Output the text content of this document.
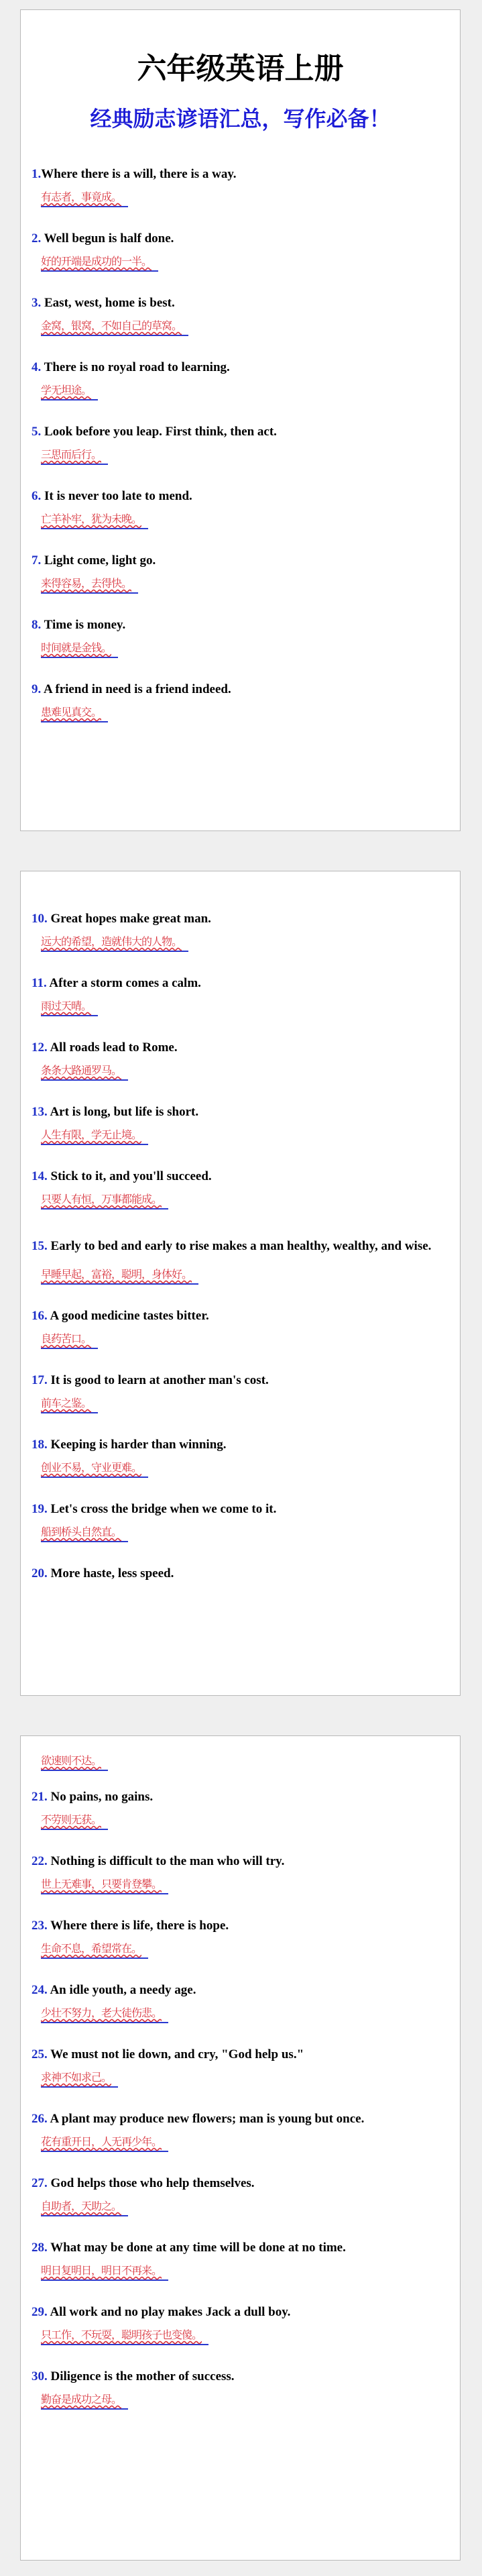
六年级英语上册
经典励志谚语汇总，写作必备！

1.Where there is a will, there is a way.

有志者，事竟成。

2. Well begun is half done.

好的开端是成功的一半。

3. East, west, home is best.

金窝，银窝，不如自己的草窝。

4. There is no royal road to learning.

学无坦途。

5. Look before you leap. First think, then act.

三思而后行。

6. It is never too late to mend.

亡羊补牢，犹为未晚。

7. Light come, light go.

来得容易，去得快。

8. Time is money.

时间就是金钱。

9. A friend in need is a friend indeed.

患难见真交。

10. Great hopes make great man.

远大的希望，造就伟大的人物。

11. After a storm comes a calm.

雨过天晴。

12. All roads lead to Rome.

条条大路通罗马。

13. Art is long, but life is short.

人生有限，学无止境。

14. Stick to it, and you'll succeed.

只要人有恒，万事都能成。

15. Early to bed and early to rise makes a man healthy, wealthy, and wise.

早睡早起，富裕，聪明，身体好。

16. A good medicine tastes bitter.

良药苦口。

17. It is good to learn at another man's cost.

前车之鉴。

18. Keeping is harder than winning.

创业不易，守业更难。

19. Let's cross the bridge when we come to it.

船到桥头自然直。

20. More haste, less speed.

欲速则不达。

21. No pains, no gains.

不劳则无获。

22. Nothing is difficult to the man who will try.

世上无难事，只要肯登攀。

23. Where there is life, there is hope.

生命不息，希望常在。

24. An idle youth, a needy age.

少壮不努力，老大徒伤悲。

25. We must not lie down, and cry, "God help us."

求神不如求己。

26. A plant may produce new flowers; man is young but once.

花有重开日，人无再少年。

27. God helps those who help themselves.

自助者，天助之。

28. What may be done at any time will be done at no time.

明日复明日，明日不再来。

29. All work and no play makes Jack a dull boy.

只工作，不玩耍，聪明孩子也变傻。

30. Diligence is the mother of success.

勤奋是成功之母。
